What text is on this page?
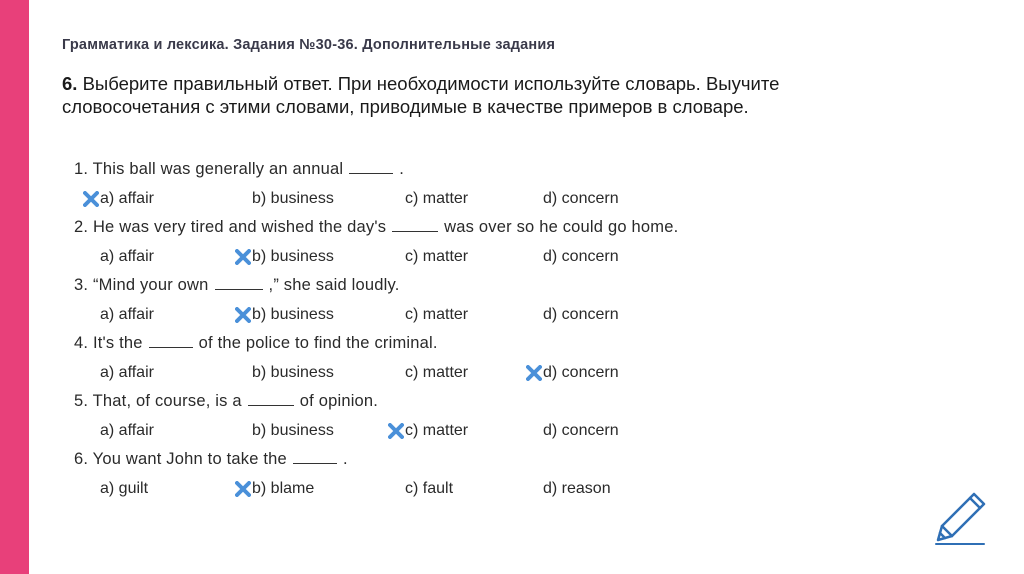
Грамматика и лексика. Задания №30-36. Дополнительные задания
6. Выберите правильный ответ. При необходимости используйте словарь. Выучите словосочетания с этими словами, приводимые в качестве примеров в словаре.
1. This ball was generally an annual	.
a) affair	b) business	c) matter	d) concern
2. He was very tired and wished the day's	was over so he could go home.
a) affair	b) business	c) matter	d) concern
3. “Mind your own	,” she said loudly.
a) affair	b) business	c) matter	d) concern
4. It's the	of the police to find the criminal.
a) affair	b) business	c) matter	d) concern
5. That, of course, is a	of opinion.
a) affair	b) business	c) matter	d) concern
6. You want John to take the	.
a) guilt	b) blame	c) fault	d) reason
